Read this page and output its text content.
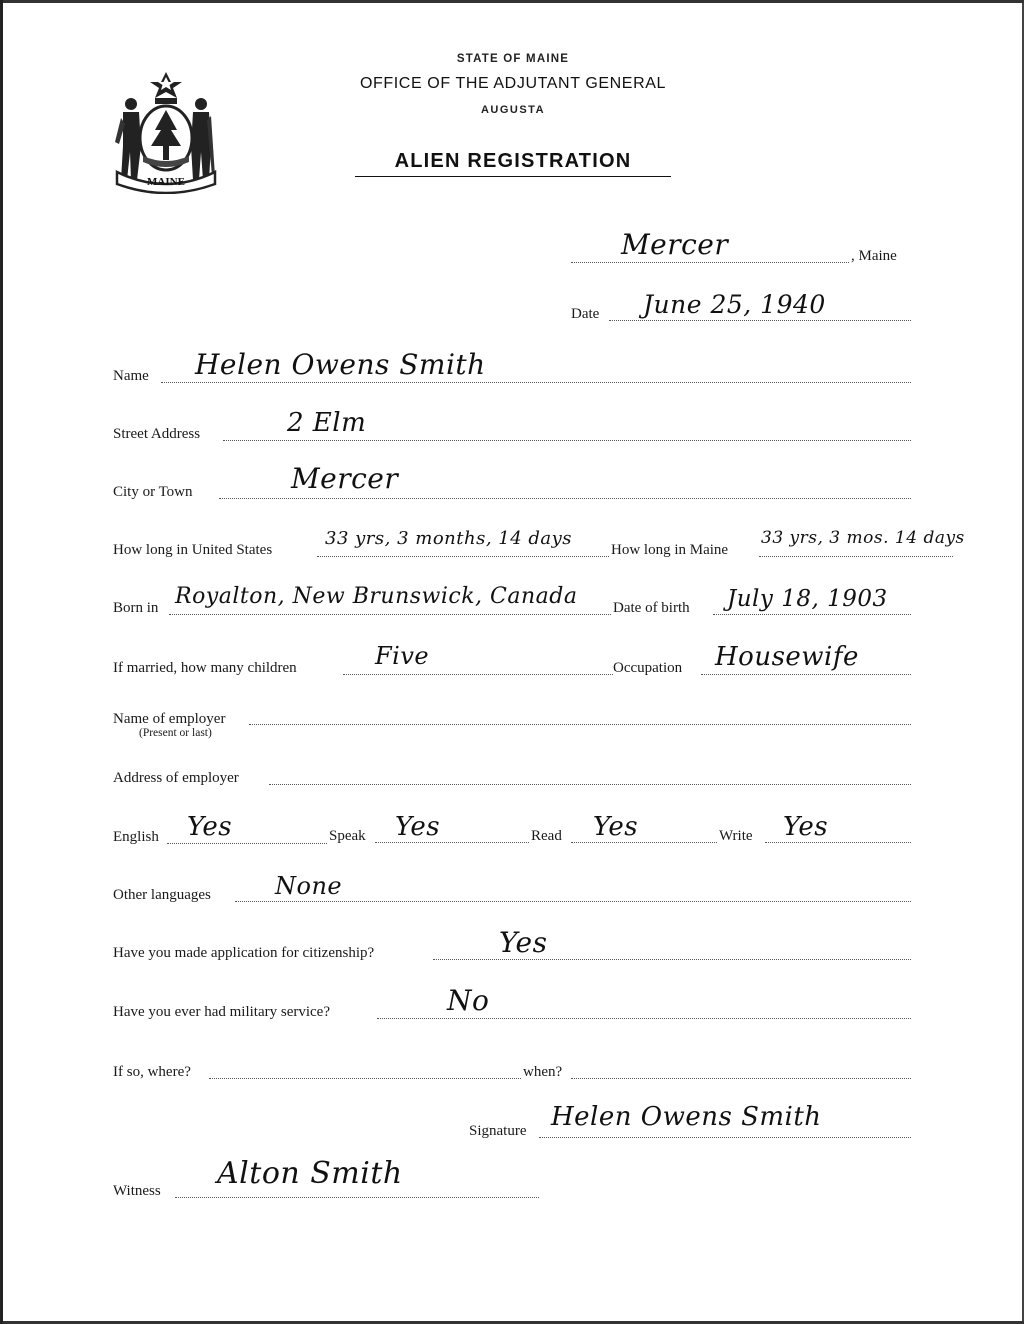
MAINE
STATE OF MAINE
OFFICE OF THE ADJUTANT GENERAL
AUGUSTA
ALIEN REGISTRATION
Mercer	, Maine
Date June 25, 1940
Name Helen Owens Smith
Street Address	2 Elm
City or Town	Mercer
How long in United States
33 yrs, 3 months, 14 days
How long in Maine
33 yrs, 3 mos. 14 days
Born in Royalton, New Brunswick, Canada Date of birth July 18, 1903
If married, how many children	Five	Occupation Housewife
Name of employer
(Present or last)
Address of employer
English Yes	Speak Yes	Read Yes	Write Yes
Other languages	None
Have you made application for citizenship?	Yes
Have you ever had military service?	No
If so, where?	when?
Signature Helen Owens Smith
Witness Alton Smith
